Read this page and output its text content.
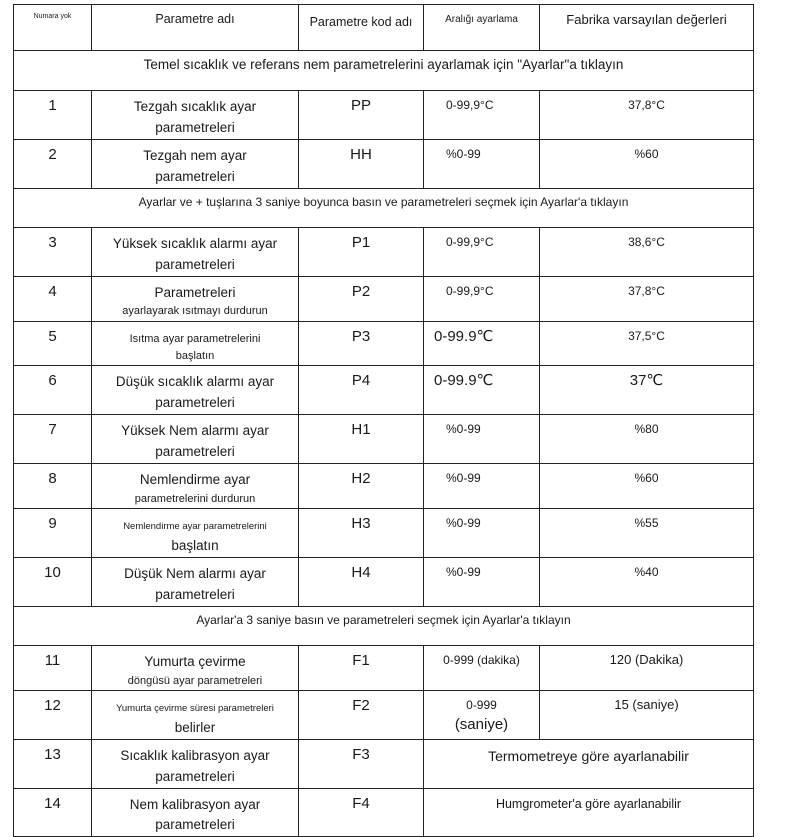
Numara yok	Parametre adı	Parametre kod adı	Aralığı ayarlama	Fabrika varsayılan değerleri
Temel sıcaklık ve referans nem parametrelerini ayarlamak için "Ayarlar"a tıklayın
1	Tezgah sıcaklık ayar
parametreleri
	PP	0-99,9°C	37,8°C
2	Tezgah nem ayar
parametreleri
	HH	%0-99	%60
Ayarlar ve + tuşlarına 3 saniye boyunca basın ve parametreleri seçmek için Ayarlar'a tıklayın
3	Yüksek sıcaklık alarmı ayar
parametreleri
	P1	0-99,9°C	38,6°C
4	Parametreleri
ayarlayarak ısıtmayı durdurun
	P2	0-99,9°C	37,8°C
5	Isıtma ayar parametrelerini
başlatın
	P3	0-99.9℃	37,5°C
6	Düşük sıcaklık alarmı ayar
parametreleri
	P4	0-99.9℃	37℃
7	Yüksek Nem alarmı ayar
parametreleri
	H1	%0-99	%80
8	Nemlendirme ayar
parametrelerini durdurun
	H2	%0-99	%60
9	Nemlendirme ayar parametrelerini
başlatın
	H3	%0-99	%55
10	Düşük Nem alarmı ayar
parametreleri
	H4	%0-99	%40
Ayarlar'a 3 saniye basın ve parametreleri seçmek için Ayarlar'a tıklayın
11	Yumurta çevirme
döngüsü ayar parametreleri
	F1	0-999 (dakika)	120 (Dakika)
12	Yumurta çevirme süresi parametreleri
belirler
	F2	0-999
(saniye)
	15 (saniye)
13	Sıcaklık kalibrasyon ayar
parametreleri
	F3	Termometreye göre ayarlanabilir
14	Nem kalibrasyon ayar
parametreleri
	F4	Humgrometer'a göre ayarlanabilir
